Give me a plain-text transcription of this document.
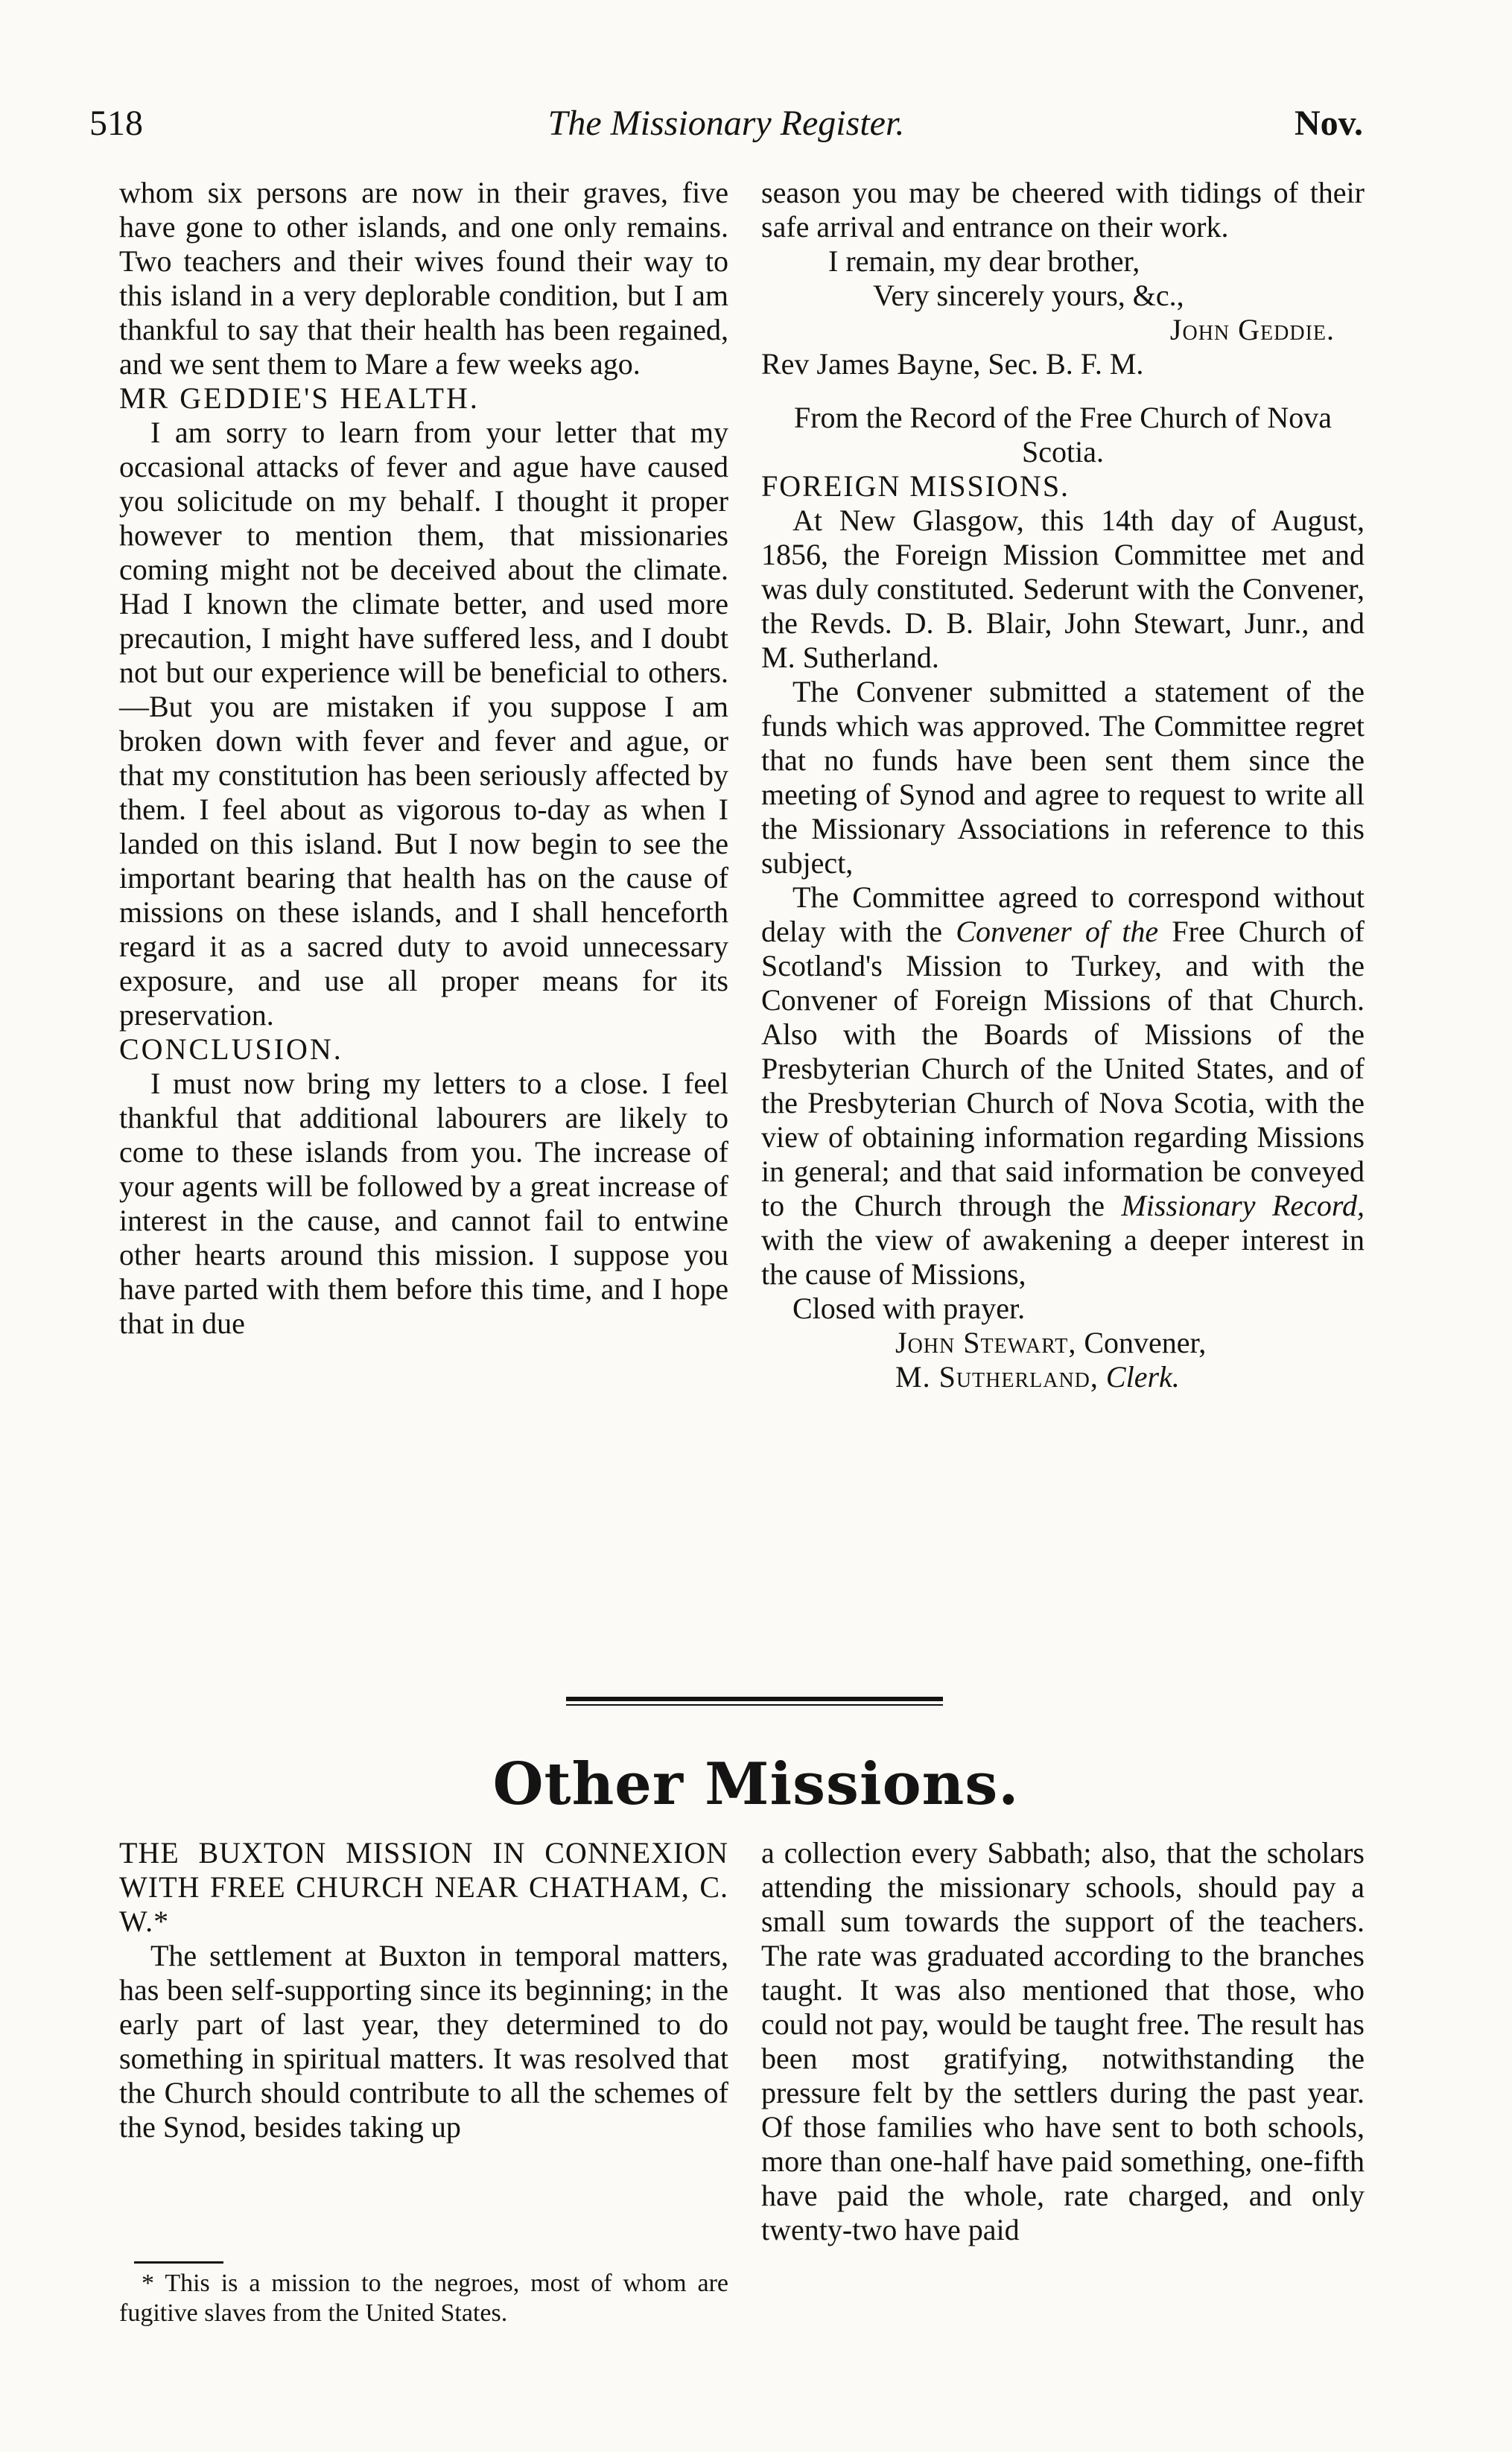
518	The Missionary Register.	Nov.

whom six persons are now in their graves, five have gone to other islands, and one only remains. Two teachers and their wives found their way to this island in a very deplorable condition, but I am thankful to say that their health has been regained, and we sent them to Mare a few weeks ago.

MR GEDDIE'S HEALTH.

I am sorry to learn from your letter that my occasional attacks of fever and ague have caused you solicitude on my behalf. I thought it proper however to mention them, that missionaries coming might not be deceived about the climate. Had I known the climate better, and used more precaution, I might have suffered less, and I doubt not but our experience will be beneficial to others.—But you are mistaken if you suppose I am broken down with fever and fever and ague, or that my constitution has been seriously affected by them. I feel about as vigorous to-day as when I landed on this island. But I now begin to see the important bearing that health has on the cause of missions on these islands, and I shall henceforth regard it as a sacred duty to avoid unnecessary exposure, and use all proper means for its preservation.

CONCLUSION.

I must now bring my letters to a close. I feel thankful that additional labourers are likely to come to these islands from you. The increase of your agents will be followed by a great increase of interest in the cause, and cannot fail to entwine other hearts around this mission. I suppose you have parted with them before this time, and I hope that in due

season you may be cheered with tidings of their safe arrival and entrance on their work.

I remain, my dear brother,

Very sincerely yours, &c.,

John Geddie.

Rev James Bayne, Sec. B. F. M.

From the Record of the Free Church of Nova Scotia.

FOREIGN MISSIONS.

At New Glasgow, this 14th day of August, 1856, the Foreign Mission Committee met and was duly constituted. Sederunt with the Convener, the Revds. D. B. Blair, John Stewart, Junr., and M. Sutherland.

The Convener submitted a statement of the funds which was approved. The Committee regret that no funds have been sent them since the meeting of Synod and agree to request to write all the Missionary Associations in reference to this subject,

The Committee agreed to correspond without delay with the Convener of the Free Church of Scotland's Mission to Turkey, and with the Convener of Foreign Missions of that Church. Also with the Boards of Missions of the Presbyterian Church of the United States, and of the Presbyterian Church of Nova Scotia, with the view of obtaining information regarding Missions in general; and that said information be conveyed to the Church through the Missionary Record, with the view of awakening a deeper interest in the cause of Missions,

Closed with prayer.

John Stewart, Convener,

M. Sutherland, Clerk.

Other Missions.

THE BUXTON MISSION IN CONNEXION WITH FREE CHURCH NEAR CHATHAM, C. W.*

The settlement at Buxton in temporal matters, has been self-supporting since its beginning; in the early part of last year, they determined to do something in spiritual matters. It was resolved that the Church should contribute to all the schemes of the Synod, besides taking up

* This is a mission to the negroes, most of whom are fugitive slaves from the United States.

a collection every Sabbath; also, that the scholars attending the missionary schools, should pay a small sum towards the support of the teachers. The rate was graduated according to the branches taught. It was also mentioned that those, who could not pay, would be taught free. The result has been most gratifying, notwithstanding the pressure felt by the settlers during the past year. Of those families who have sent to both schools, more than one-half have paid something, one-fifth have paid the whole, rate charged, and only twenty-two have paid
